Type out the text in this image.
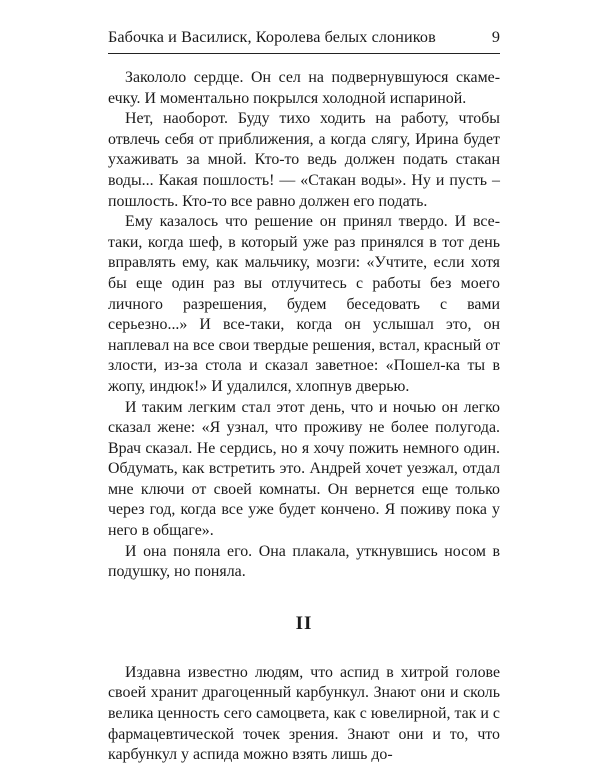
Бабочка и Василиск, Королева белых слоников	9

Закололо сердце. Он сел на подвернувшуюся скамеечку. И моментально покрылся холодной испариной.

Нет, наоборот. Буду тихо ходить на работу, чтобы отвлечь себя от приближения, а когда слягу, Ирина будет ухаживать за мной. Кто-то ведь должен подать стакан воды... Какая пошлость! — «Стакан воды». Ну и пусть – пошлость. Кто-то все равно должен его подать.

Ему казалось что решение он принял твердо. И все-таки, когда шеф, в который уже раз принялся в тот день вправлять ему, как мальчику, мозги: «Учтите, если хотя бы еще один раз вы отлучитесь с работы без моего личного разрешения, будем беседовать с вами серьезно...» И все-таки, когда он услышал это, он наплевал на все свои твердые решения, встал, красный от злости, из-за стола и сказал заветное: «Пошел-ка ты в жопу, индюк!» И удалился, хлопнув дверью.

И таким легким стал этот день, что и ночью он легко сказал жене: «Я узнал, что проживу не более полугода. Врач сказал. Не сердись, но я хочу пожить немного один. Обдумать, как встретить это. Андрей хочет уезжал, отдал мне ключи от своей комнаты. Он вернется еще только через год, когда все уже будет кончено. Я поживу пока у него в общаге».

И она поняла его. Она плакала, уткнувшись носом в подушку, но поняла.

II

Издавна известно людям, что аспид в хитрой голове своей хранит драгоценный карбункул. Знают они и сколь велика ценность сего самоцвета, как с ювелирной, так и с фармацевтической точек зрения. Знают они и то, что карбункул у аспида можно взять лишь до-
